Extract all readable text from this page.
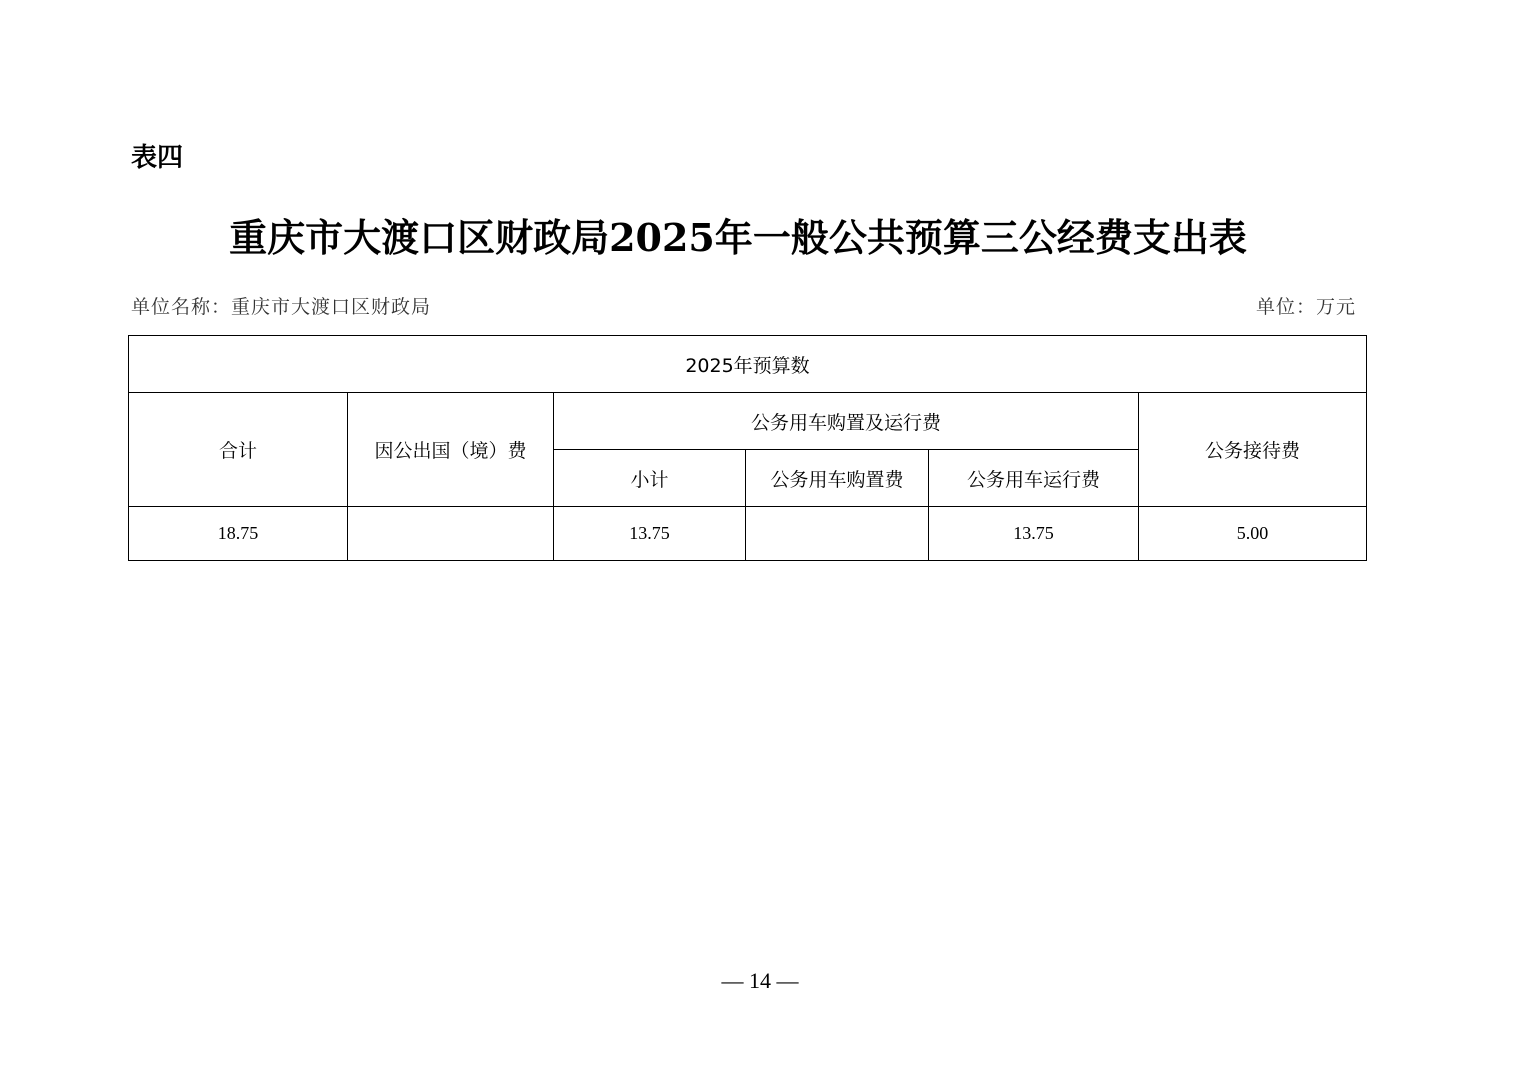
表四
重庆市大渡口区财政局2025年一般公共预算三公经费支出表
单位名称：重庆市大渡口区财政局	单位：万元
2025年预算数					
合计	因公出国（境）费	公务用车购置及运行费			公务接待费
		小计	公务用车购置费	公务用车运行费	
18.75		13.75		13.75	5.00
— 14 —
